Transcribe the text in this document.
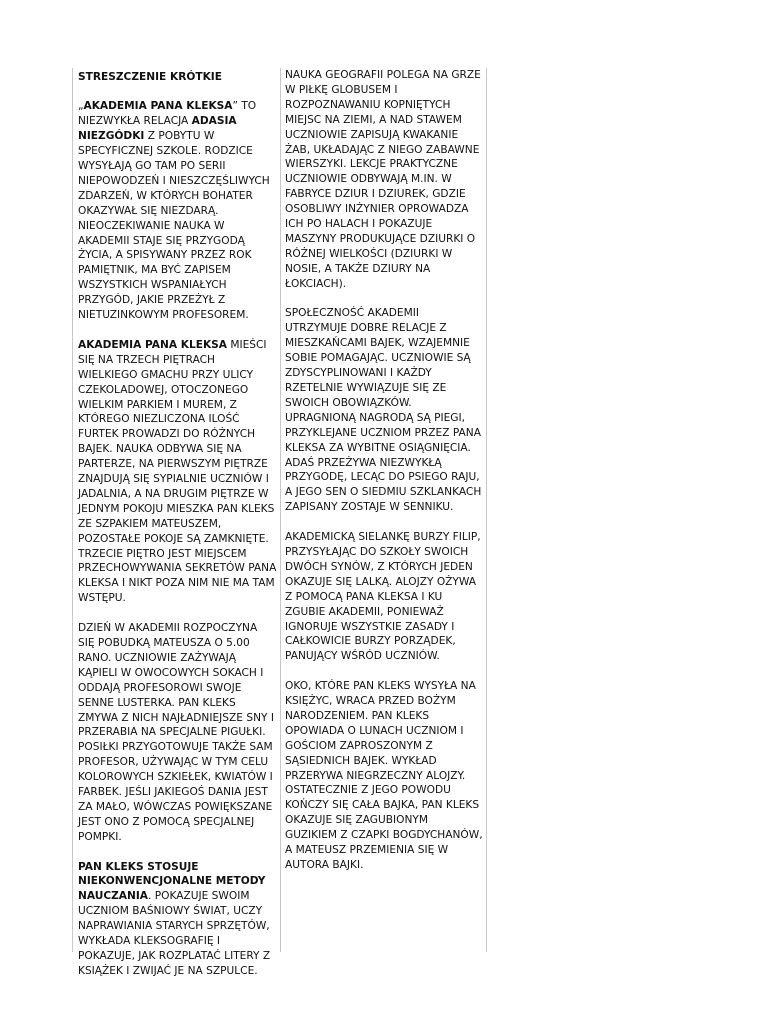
STRESZCZENIE KRÓTKIE

„AKADEMIA PANA KLEKSA” TO NIEZWYKŁA RELACJA ADASIA NIEZGÓDKI Z POBYTU W SPECYFICZNEJ SZKOLE. RODZICE WYSYŁAJĄ GO TAM PO SERII NIEPOWODZEŃ I NIESZCZĘŚLIWYCH ZDARZEŃ, W KTÓRYCH BOHATER OKAZYWAŁ SIĘ NIEZDARĄ. NIEOCZEKIWANIE NAUKA W AKADEMII STAJE SIĘ PRZYGODĄ ŻYCIA, A SPISYWANY PRZEZ ROK PAMIĘTNIK, MA BYĆ ZAPISEM WSZYSTKICH WSPANIAŁYCH PRZYGÓD, JAKIE PRZEŻYŁ Z NIETUZINKOWYM PROFESOREM.

AKADEMIA PANA KLEKSA MIEŚCI SIĘ NA TRZECH PIĘTRACH WIELKIEGO GMACHU PRZY ULICY CZEKOLADOWEJ, OTOCZONEGO WIELKIM PARKIEM I MUREM, Z KTÓREGO NIEZLICZONA ILOŚĆ FURTEK PROWADZI DO RÓŻNYCH BAJEK. NAUKA ODBYWA SIĘ NA PARTERZE, NA PIERWSZYM PIĘTRZE ZNAJDUJĄ SIĘ SYPIALNIE UCZNIÓW I JADALNIA, A NA DRUGIM PIĘTRZE W JEDNYM POKOJU MIESZKA PAN KLEKS ZE SZPAKIEM MATEUSZEM, POZOSTAŁE POKOJE SĄ ZAMKNIĘTE. TRZECIE PIĘTRO JEST MIEJSCEM PRZECHOWYWANIA SEKRETÓW PANA KLEKSA I NIKT POZA NIM NIE MA TAM WSTĘPU.

DZIEŃ W AKADEMII ROZPOCZYNA SIĘ POBUDKĄ MATEUSZA O 5.00 RANO. UCZNIOWIE ZAŻYWAJĄ KĄPIELI W OWOCOWYCH SOKACH I ODDAJĄ PROFESOROWI SWOJE SENNE LUSTERKA. PAN KLEKS ZMYWA Z NICH NAJŁADNIEJSZE SNY I PRZERABIA NA SPECJALNE PIGUŁKI. POSIŁKI PRZYGOTOWUJE TAKŻE SAM PROFESOR, UŻYWAJĄC W TYM CELU KOLOROWYCH SZKIEŁEK, KWIATÓW I FARBEK. JEŚLI JAKIEGOŚ DANIA JEST ZA MAŁO, WÓWCZAS POWIĘKSZANE JEST ONO Z POMOCĄ SPECJALNEJ POMPKI.

PAN KLEKS STOSUJE NIEKONWENCJONALNE METODY NAUCZANIA. POKAZUJE SWOIM UCZNIOM BAŚNIOWY ŚWIAT, UCZY NAPRAWIANIA STARYCH SPRZĘTÓW, WYKŁADA KLEKSOGRAFIĘ I POKAZUJE, JAK ROZPLATAĆ LITERY Z KSIĄŻEK I ZWIJAĆ JE NA SZPULCE.

NAUKA GEOGRAFII POLEGA NA GRZE W PIŁKĘ GLOBUSEM I ROZPOZNAWANIU KOPNIĘTYCH MIEJSC NA ZIEMI, A NAD STAWEM UCZNIOWIE ZAPISUJĄ KWAKANIE ŻAB, UKŁADAJĄC Z NIEGO ZABAWNE WIERSZYKI. LEKCJE PRAKTYCZNE UCZNIOWIE ODBYWAJĄ M.IN. W FABRYCE DZIUR I DZIUREK, GDZIE OSOBLIWY INŻYNIER OPROWADZA ICH PO HALACH I POKAZUJE MASZYNY PRODUKUJĄCE DZIURKI O RÓŻNEJ WIELKOŚCI (DZIURKI W NOSIE, A TAKŻE DZIURY NA ŁOKCIACH).

SPOŁECZNOŚĆ AKADEMII UTRZYMUJE DOBRE RELACJE Z MIESZKAŃCAMI BAJEK, WZAJEMNIE SOBIE POMAGAJĄC. UCZNIOWIE SĄ ZDYSCYPLINOWANI I KAŻDY RZETELNIE WYWIĄZUJE SIĘ ZE SWOICH OBOWIĄZKÓW. UPRAGNIONĄ NAGRODĄ SĄ PIEGI, PRZYKLEJANE UCZNIOM PRZEZ PANA KLEKSA ZA WYBITNE OSIĄGNIĘCIA. ADAŚ PRZEŻYWA NIEZWYKŁĄ PRZYGODĘ, LECĄC DO PSIEGO RAJU, A JEGO SEN O SIEDMIU SZKLANKACH ZAPISANY ZOSTAJE W SENNIKU.

AKADEMICKĄ SIELANKĘ BURZY FILIP, PRZYSYŁAJĄC DO SZKOŁY SWOICH DWÓCH SYNÓW, Z KTÓRYCH JEDEN OKAZUJE SIĘ LALKĄ. ALOJZY OŻYWA Z POMOCĄ PANA KLEKSA I KU ZGUBIE AKADEMII, PONIEWAŻ IGNORUJE WSZYSTKIE ZASADY I CAŁKOWICIE BURZY PORZĄDEK, PANUJĄCY WŚRÓD UCZNIÓW.

OKO, KTÓRE PAN KLEKS WYSYŁA NA KSIĘŻYC, WRACA PRZED BOŻYM NARODZENIEM. PAN KLEKS OPOWIADA O LUNACH UCZNIOM I GOŚCIOM ZAPROSZONYM Z SĄSIEDNICH BAJEK. WYKŁAD PRZERYWA NIEGRZECZNY ALOJZY. OSTATECZNIE Z JEGO POWODU KOŃCZY SIĘ CAŁA BAJKA, PAN KLEKS OKAZUJE SIĘ ZAGUBIONYM GUZIKIEM Z CZAPKI BOGDYCHANÓW, A MATEUSZ PRZEMIENIA SIĘ W AUTORA BAJKI.
